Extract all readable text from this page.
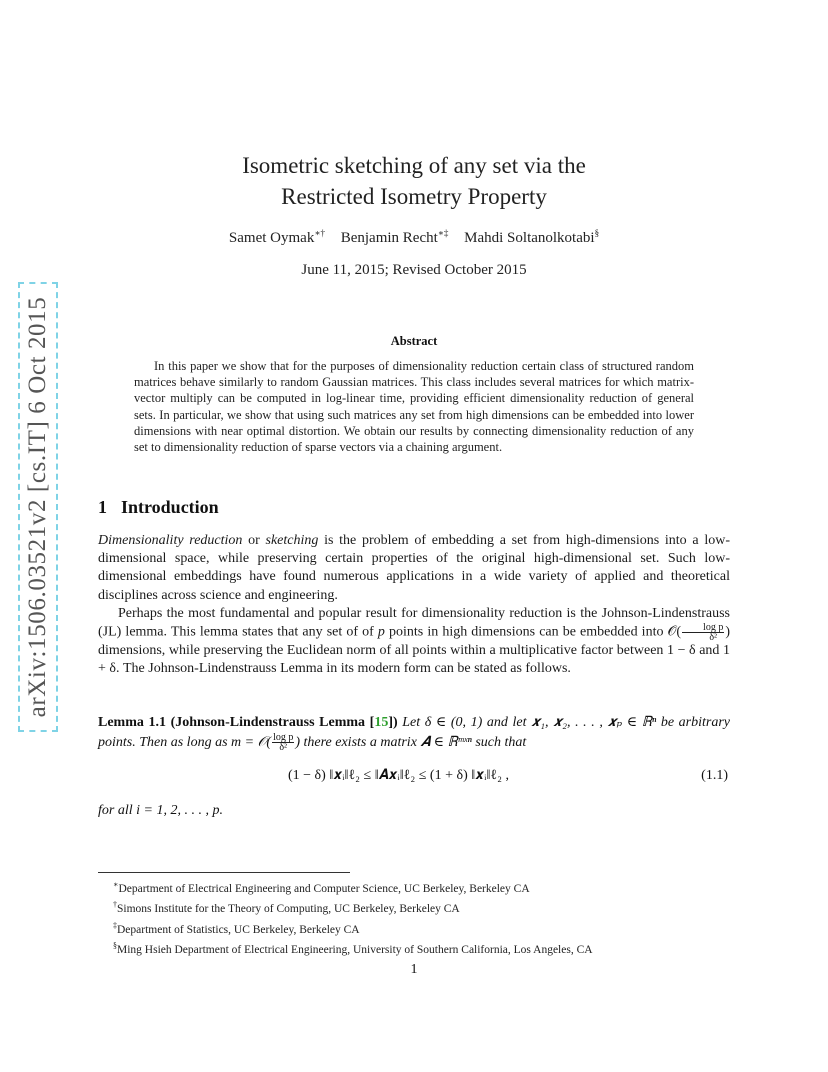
arXiv:1506.03521v2 [cs.IT] 6 Oct 2015
Isometric sketching of any set via the
Restricted Isometry Property
Samet Oymak∗† Benjamin Recht∗‡ Mahdi Soltanolkotabi§
June 11, 2015; Revised October 2015
Abstract
In this paper we show that for the purposes of dimensionality reduction certain class of structured random matrices behave similarly to random Gaussian matrices. This class includes several matrices for which matrix-vector multiply can be computed in log-linear time, providing efficient dimensionality reduction of general sets. In particular, we show that using such matrices any set from high dimensions can be embedded into lower dimensions with near optimal distortion. We obtain our results by connecting dimensionality reduction of any set to dimensionality reduction of sparse vectors via a chaining argument.
1 Introduction
Dimensionality reduction or sketching is the problem of embedding a set from high-dimensions into a low-dimensional space, while preserving certain properties of the original high-dimensional set. Such low-dimensional embeddings have found numerous applications in a wide variety of applied and theoretical disciplines across science and engineering.
Perhaps the most fundamental and popular result for dimensionality reduction is the Johnson-Lindenstrauss (JL) lemma. This lemma states that any set of of p points in high dimensions can be embedded into 𝒪( $\frac{\text{log p}}{\text{δ²}}$ ) dimensions, while preserving the Euclidean norm of all points within a multiplicative factor between 1 − δ and 1 + δ. The Johnson-Lindenstrauss Lemma in its modern form can be stated as follows.
Lemma 1.1 (Johnson-Lindenstrauss Lemma [15]) Let δ ∈ (0, 1) and let 𝒙₁, 𝒙₂, . . . , 𝒙ₚ ∈ ℝⁿ be arbitrary points. Then as long as m = 𝒪( $\frac{\text{log p}}{\text{δ²}}$ ) there exists a matrix 𝑨 ∈ ℝᵐˣⁿ such that
(1 − δ) ‖𝒙ᵢ‖ℓ₂ ≤ ‖𝑨𝒙ᵢ‖ℓ₂ ≤ (1 + δ) ‖𝒙ᵢ‖ℓ₂ ,	(1.1)
for all i = 1, 2, . . . , p.
∗Department of Electrical Engineering and Computer Science, UC Berkeley, Berkeley CA
†Simons Institute for the Theory of Computing, UC Berkeley, Berkeley CA
‡Department of Statistics, UC Berkeley, Berkeley CA
§Ming Hsieh Department of Electrical Engineering, University of Southern California, Los Angeles, CA
1
